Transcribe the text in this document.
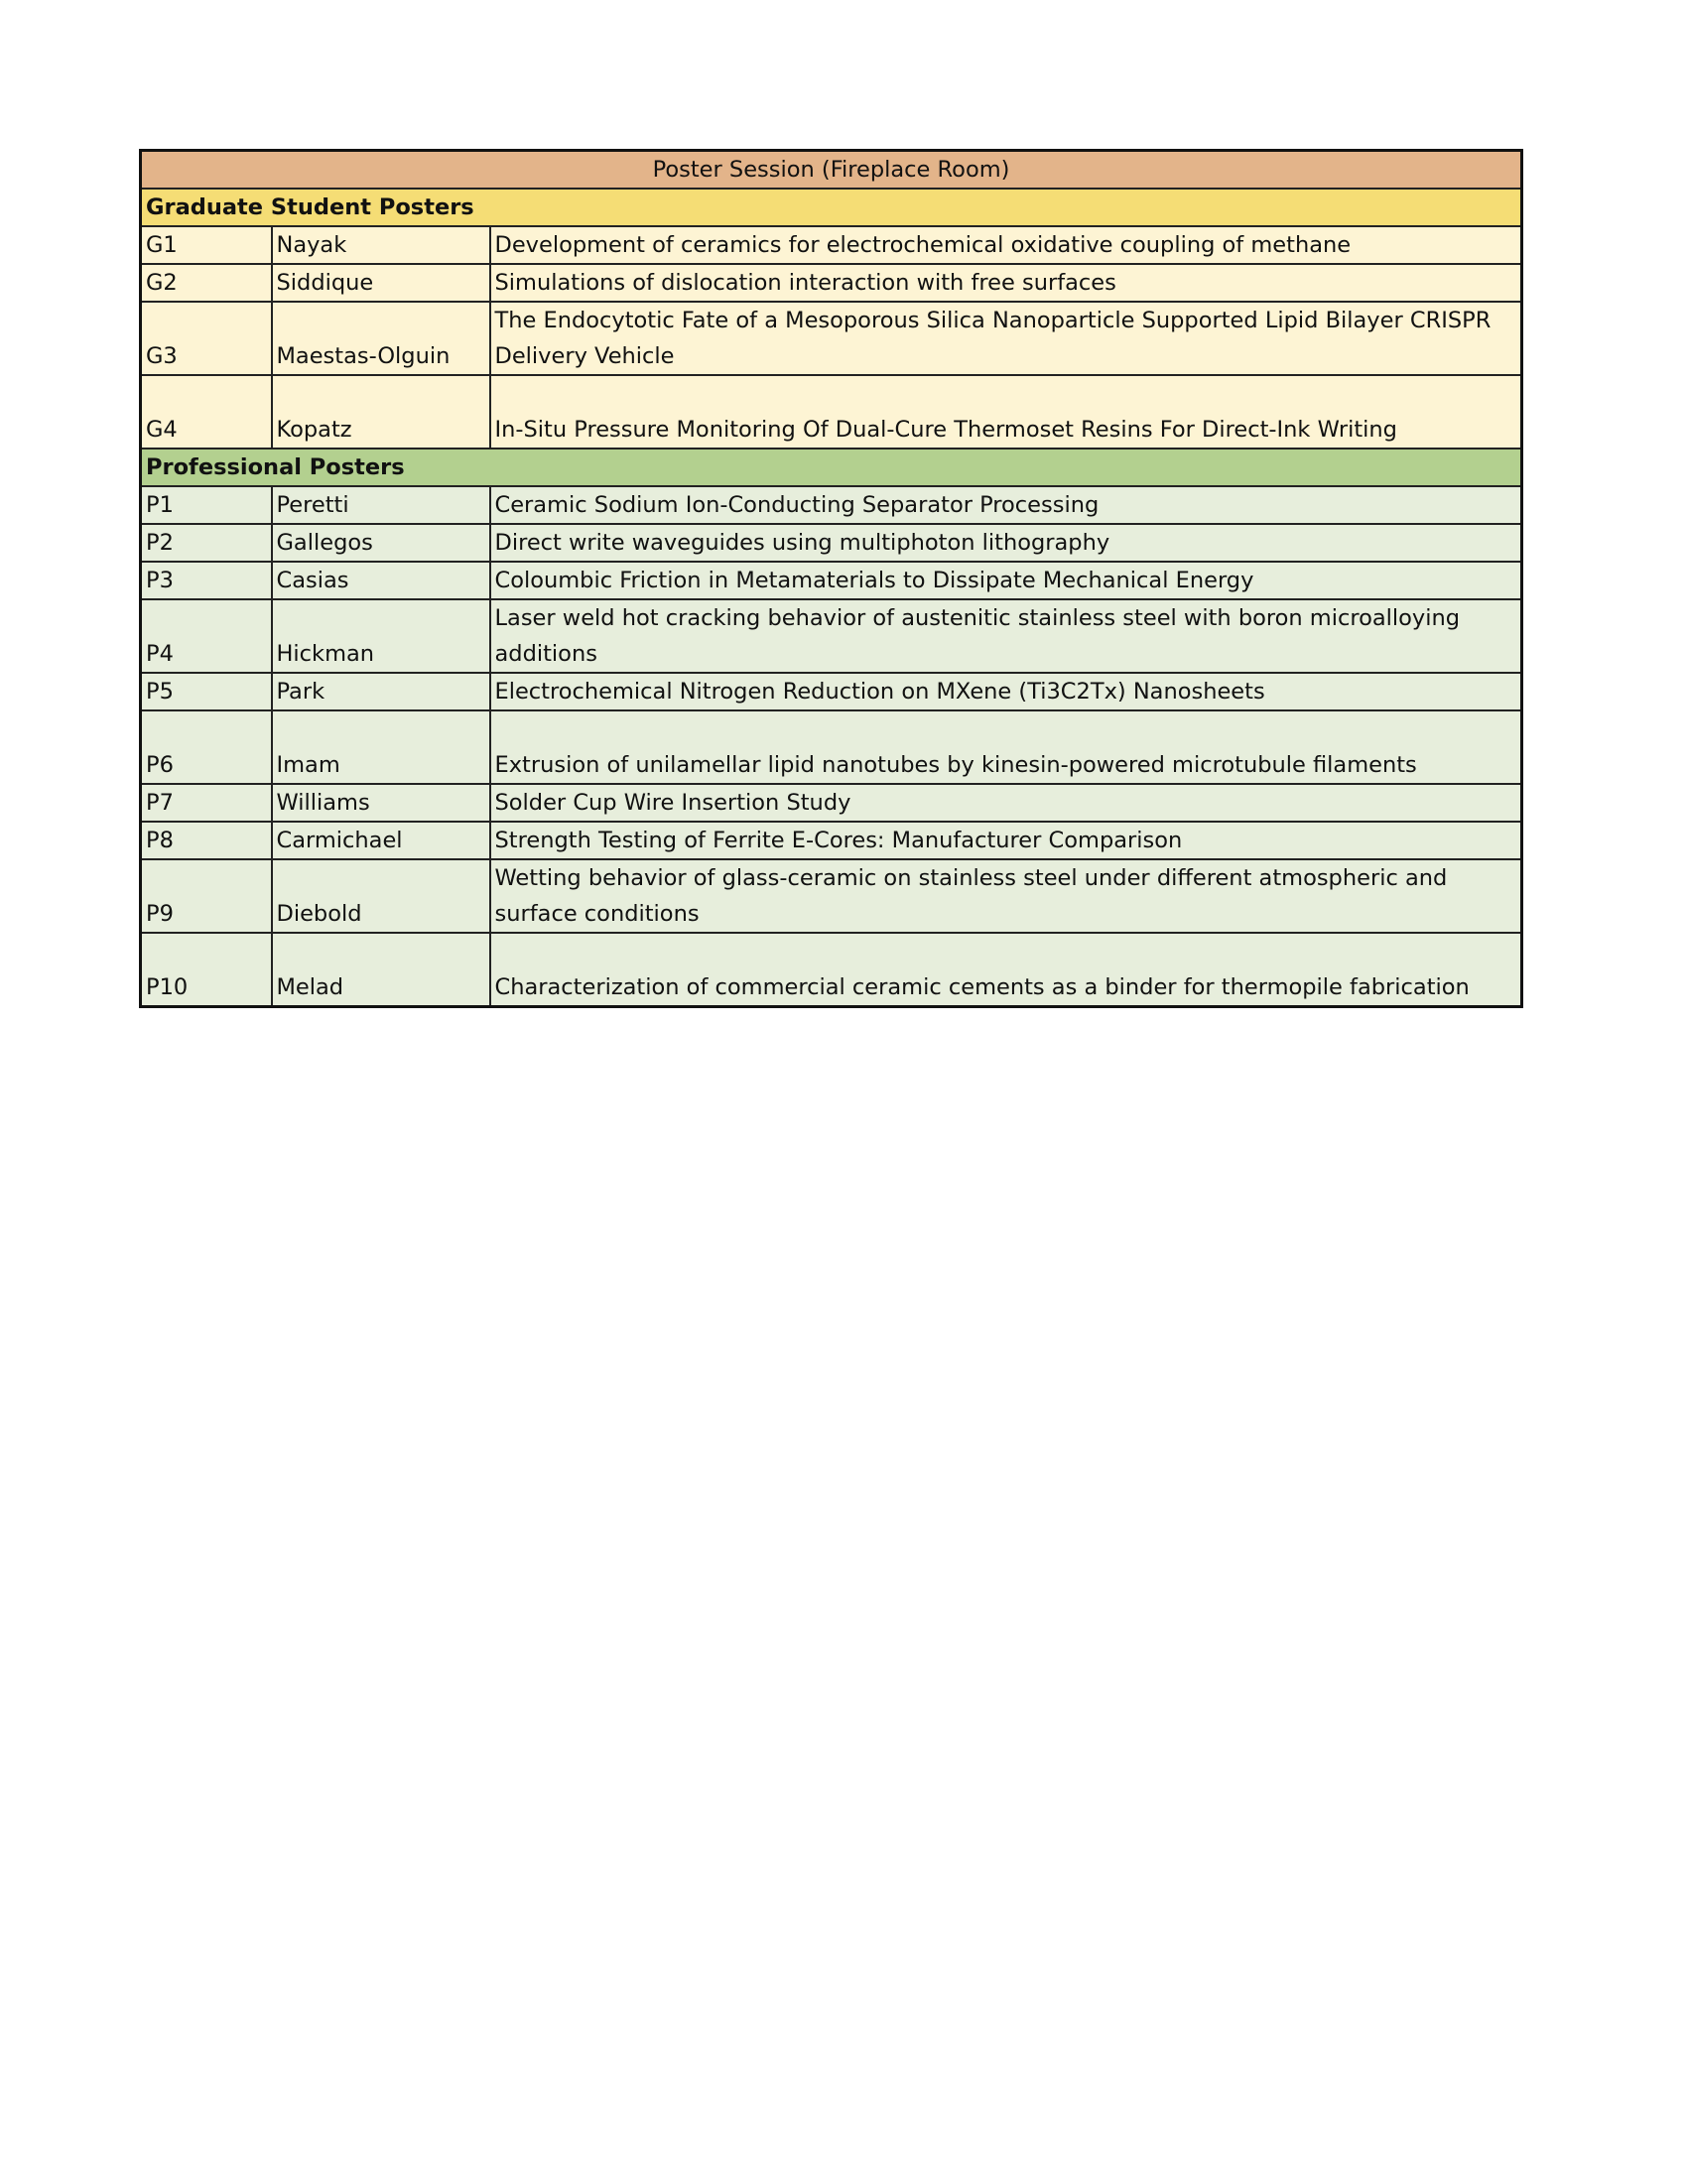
Poster Session (Fireplace Room)		
Graduate Student Posters		
G1	Nayak	Development of ceramics for electrochemical oxidative coupling of methane
G2	Siddique	Simulations of dislocation interaction with free surfaces
G3	Maestas-Olguin	The Endocytotic Fate of a Mesoporous Silica Nanoparticle Supported Lipid Bilayer CRISPR Delivery Vehicle
G4	Kopatz	In-Situ Pressure Monitoring Of Dual-Cure Thermoset Resins For Direct-Ink Writing
Professional Posters		
P1	Peretti	Ceramic Sodium Ion-Conducting Separator Processing
P2	Gallegos	Direct write waveguides using multiphoton lithography
P3	Casias	Coloumbic Friction in Metamaterials to Dissipate Mechanical Energy
P4	Hickman	Laser weld hot cracking behavior of austenitic stainless steel with boron microalloying additions
P5	Park	Electrochemical Nitrogen Reduction on MXene (Ti3C2Tx) Nanosheets
P6	Imam	Extrusion of unilamellar lipid nanotubes by kinesin-powered microtubule filaments
P7	Williams	Solder Cup Wire Insertion Study
P8	Carmichael	Strength Testing of Ferrite E-Cores: Manufacturer Comparison
P9	Diebold	Wetting behavior of glass-ceramic on stainless steel under different atmospheric and surface conditions
P10	Melad	Characterization of commercial ceramic cements as a binder for thermopile fabrication
